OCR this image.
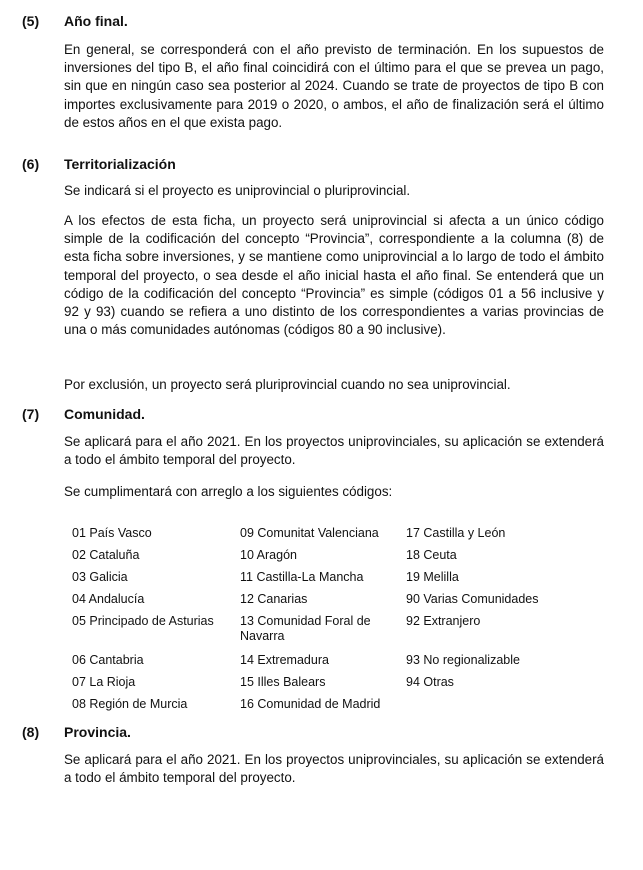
(5) Año final.

En general, se corresponderá con el año previsto de terminación. En los supuestos de inversiones del tipo B, el año final coincidirá con el último para el que se prevea un pago, sin que en ningún caso sea posterior al 2024. Cuando se trate de proyectos de tipo B con importes exclusivamente para 2019 o 2020, o ambos, el año de finalización será el último de estos años en el que exista pago.

(6) Territorialización

Se indicará si el proyecto es uniprovincial o pluriprovincial.

A los efectos de esta ficha, un proyecto será uniprovincial si afecta a un único código simple de la codificación del concepto “Provincia”, correspondiente a la columna (8) de esta ficha sobre inversiones, y se mantiene como uniprovincial a lo largo de todo el ámbito temporal del proyecto, o sea desde el año inicial hasta el año final. Se entenderá que un código de la codificación del concepto “Provincia” es simple (códigos 01 a 56 inclusive y 92 y 93) cuando se refiera a uno distinto de los correspondientes a varias provincias de una o más comunidades autónomas (códigos 80 a 90 inclusive).

Por exclusión, un proyecto será pluriprovincial cuando no sea uniprovincial.

(7) Comunidad.

Se aplicará para el año 2021. En los proyectos uniprovinciales, su aplicación se extenderá a todo el ámbito temporal del proyecto.

Se cumplimentará con arreglo a los siguientes códigos:

01 País Vasco
02 Cataluña
03 Galicia
04 Andalucía
05 Principado de Asturias
06 Cantabria
07 La Rioja
08 Región de Murcia
09 Comunitat Valenciana
10 Aragón
11 Castilla-La Mancha
12 Canarias
13 Comunidad Foral de Navarra
14 Extremadura
15 Illes Balears
16 Comunidad de Madrid
17 Castilla y León
18 Ceuta
19 Melilla
90 Varias Comunidades
92 Extranjero
93 No regionalizable
94 Otras
(8) Provincia.

Se aplicará para el año 2021. En los proyectos uniprovinciales, su aplicación se extenderá a todo el ámbito temporal del proyecto.
